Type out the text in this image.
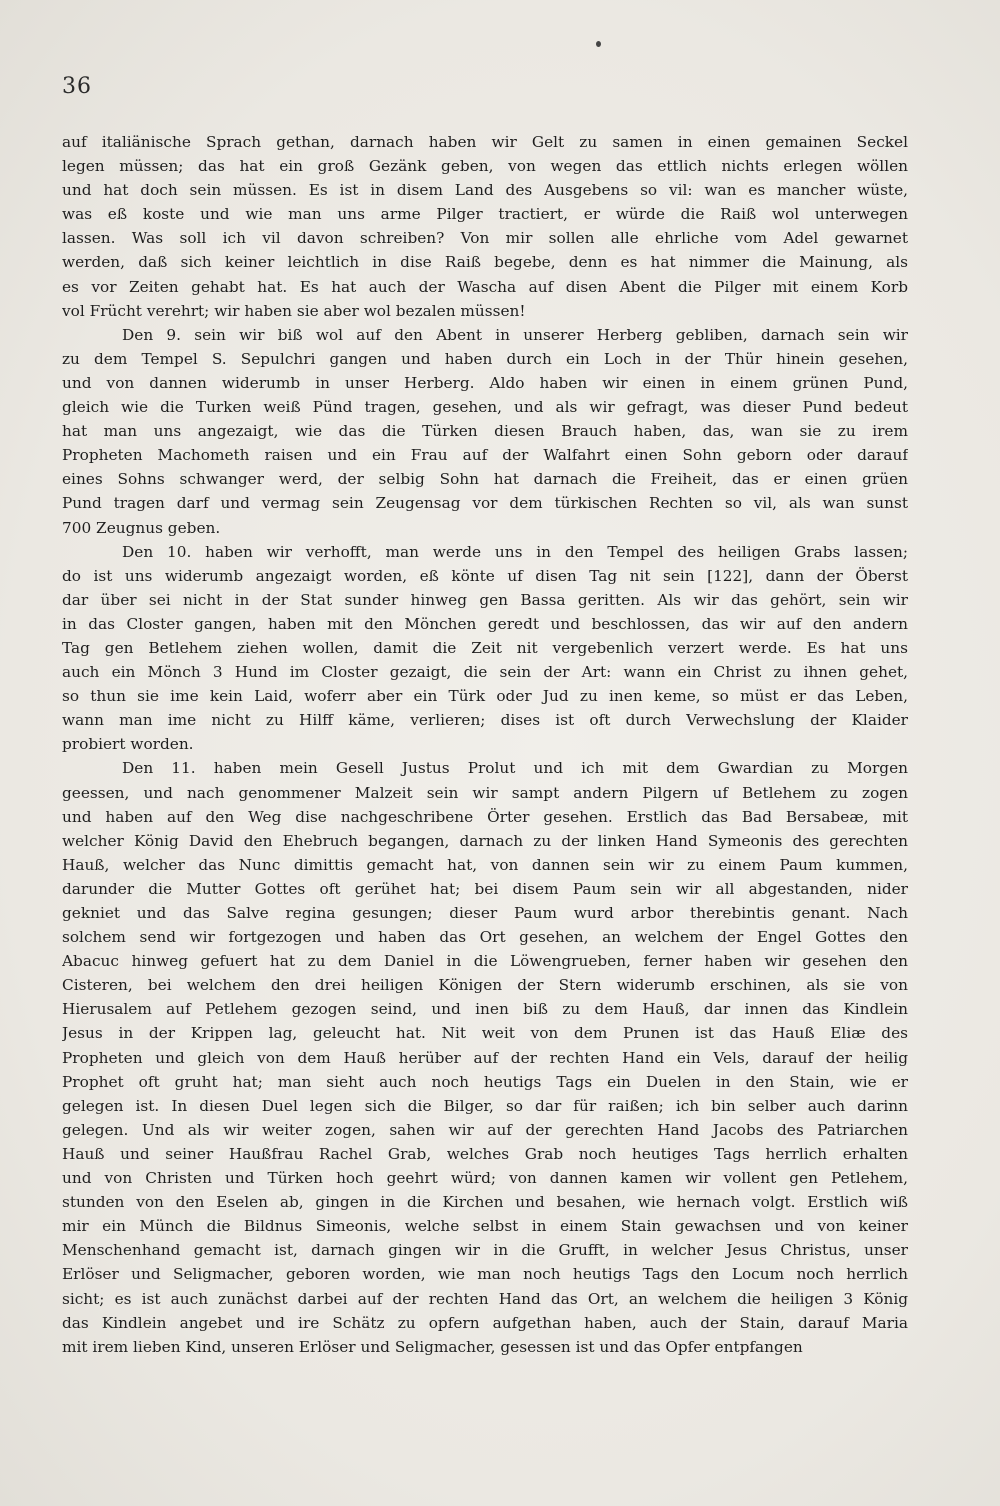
36
auf italiänische Sprach gethan, darnach haben wir Gelt zu samen in einen gemainen Seckel
legen müssen; das hat ein groß Gezänk geben, von wegen das ettlich nichts erlegen wöllen
und hat doch sein müssen. Es ist in disem Land des Ausgebens so vil: wan es mancher wüste,
was eß koste und wie man uns arme Pilger tractiert, er würde die Raiß wol unterwegen
lassen. Was soll ich vil davon schreiben? Von mir sollen alle ehrliche vom Adel gewarnet
werden, daß sich keiner leichtlich in dise Raiß begebe, denn es hat nimmer die Mainung, als
es vor Zeiten gehabt hat. Es hat auch der Wascha auf disen Abent die Pilger mit einem Korb
vol Frücht verehrt; wir haben sie aber wol bezalen müssen!
Den 9. sein wir biß wol auf den Abent in unserer Herberg gebliben, darnach sein wir
zu dem Tempel S. Sepulchri gangen und haben durch ein Loch in der Thür hinein gesehen,
und von dannen widerumb in unser Herberg. Aldo haben wir einen in einem grünen Pund,
gleich wie die Turken weiß Pünd tragen, gesehen, und als wir gefragt, was dieser Pund bedeut
hat man uns angezaigt, wie das die Türken diesen Brauch haben, das, wan sie zu irem
Propheten Machometh raisen und ein Frau auf der Walfahrt einen Sohn geborn oder darauf
eines Sohns schwanger werd, der selbig Sohn hat darnach die Freiheit, das er einen grüen
Pund tragen darf und vermag sein Zeugensag vor dem türkischen Rechten so vil, als wan sunst
700 Zeugnus geben.
Den 10. haben wir verhofft, man werde uns in den Tempel des heiligen Grabs lassen;
do ist uns widerumb angezaigt worden, eß könte uf disen Tag nit sein [122], dann der Öberst
dar über sei nicht in der Stat sunder hinweg gen Bassa geritten. Als wir das gehört, sein wir
in das Closter gangen, haben mit den Mönchen geredt und beschlossen, das wir auf den andern
Tag gen Betlehem ziehen wollen, damit die Zeit nit vergebenlich verzert werde. Es hat uns
auch ein Mönch 3 Hund im Closter gezaigt, die sein der Art: wann ein Christ zu ihnen gehet,
so thun sie ime kein Laid, woferr aber ein Türk oder Jud zu inen keme, so müst er das Leben,
wann man ime nicht zu Hilff käme, verlieren; dises ist oft durch Verwechslung der Klaider
probiert worden.
Den 11. haben mein Gesell Justus Prolut und ich mit dem Gwardian zu Morgen
geessen, und nach genommener Malzeit sein wir sampt andern Pilgern uf Betlehem zu zogen
und haben auf den Weg dise nachgeschribene Örter gesehen. Erstlich das Bad Bersabeæ, mit
welcher König David den Ehebruch begangen, darnach zu der linken Hand Symeonis des gerechten
Hauß, welcher das Nunc dimittis gemacht hat, von dannen sein wir zu einem Paum kummen,
darunder die Mutter Gottes oft gerühet hat; bei disem Paum sein wir all abgestanden, nider
gekniet und das Salve regina gesungen; dieser Paum wurd arbor therebintis genant. Nach
solchem send wir fortgezogen und haben das Ort gesehen, an welchem der Engel Gottes den
Abacuc hinweg gefuert hat zu dem Daniel in die Löwengrueben, ferner haben wir gesehen den
Cisteren, bei welchem den drei heiligen Königen der Stern widerumb erschinen, als sie von
Hierusalem auf Petlehem gezogen seind, und inen biß zu dem Hauß, dar innen das Kindlein
Jesus in der Krippen lag, geleucht hat. Nit weit von dem Prunen ist das Hauß Eliæ des
Propheten und gleich von dem Hauß herüber auf der rechten Hand ein Vels, darauf der heilig
Prophet oft gruht hat; man sieht auch noch heutigs Tags ein Duelen in den Stain, wie er
gelegen ist. In diesen Duel legen sich die Bilger, so dar für raißen; ich bin selber auch darinn
gelegen. Und als wir weiter zogen, sahen wir auf der gerechten Hand Jacobs des Patriarchen
Hauß und seiner Haußfrau Rachel Grab, welches Grab noch heutiges Tags herrlich erhalten
und von Christen und Türken hoch geehrt würd; von dannen kamen wir vollent gen Petlehem,
stunden von den Eselen ab, gingen in die Kirchen und besahen, wie hernach volgt. Erstlich wiß
mir ein Münch die Bildnus Simeonis, welche selbst in einem Stain gewachsen und von keiner
Menschenhand gemacht ist, darnach gingen wir in die Grufft, in welcher Jesus Christus, unser
Erlöser und Seligmacher, geboren worden, wie man noch heutigs Tags den Locum noch herrlich
sicht; es ist auch zunächst darbei auf der rechten Hand das Ort, an welchem die heiligen 3 König
das Kindlein angebet und ire Schätz zu opfern aufgethan haben, auch der Stain, darauf Maria
mit irem lieben Kind, unseren Erlöser und Seligmacher, gesessen ist und das Opfer entpfangen
